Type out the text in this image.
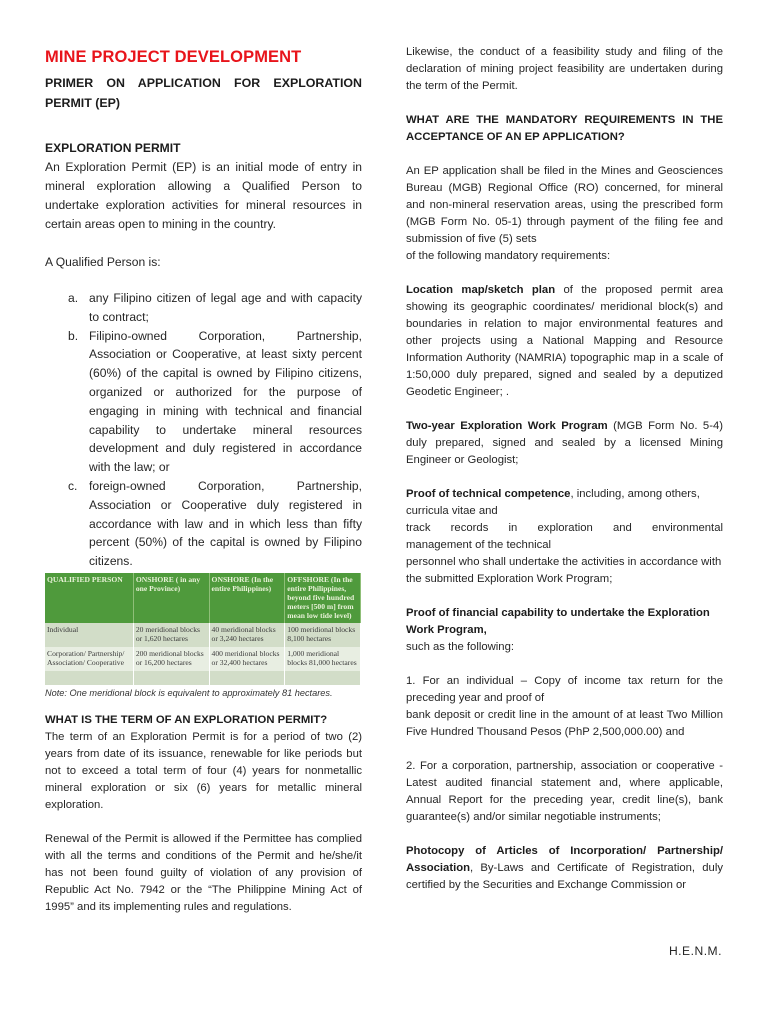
MINE PROJECT DEVELOPMENT
PRIMER ON APPLICATION FOR EXPLORATION
PERMIT (EP)
EXPLORATION PERMIT

An Exploration Permit (EP) is an initial mode of entry in mineral exploration allowing a Qualified Person to undertake exploration activities for mineral resources in certain areas open to mining in the country.

A Qualified Person is:

a. any Filipino citizen of legal age and with capacity to contract;
b. Filipino-owned Corporation, Partnership, Association or Cooperative, at least sixty percent (60%) of the capital is owned by Filipino citizens, organized or authorized for the purpose of engaging in mining with technical and financial capability to undertake mineral resources development and duly registered in accordance with the law; or
c. foreign-owned Corporation, Partnership, Association or Cooperative duly registered in accordance with law and in which less than fifty percent (50%) of the capital is owned by Filipino citizens.
QUALIFIED PERSON	ONSHORE ( in any one Province)	ONSHORE (In the entire Philippines)	OFFSHORE (In the entire Philippines, beyond five hundred meters [500 m] from mean low tide level)
Individual	20 meridional blocks or 1,620 hectares	40 meridional blocks or 3,240 hectares	100 meridional blocks 8,100 hectares
Corporation/ Partnership/ Association/ Cooperative	200 meridional blocks or 16,200 hectares	400 meridional blocks or 32,400 hectares	1,000 meridional blocks 81,000 hectares

Note: One meridional block is equivalent to approximately 81 hectares.
WHAT IS THE TERM OF AN EXPLORATION PERMIT?

The term of an Exploration Permit is for a period of two (2) years from date of its issuance, renewable for like periods but not to exceed a total term of four (4) years for nonmetallic mineral exploration or six (6) years for metallic mineral exploration.

Renewal of the Permit is allowed if the Permittee has complied with all the terms and conditions of the Permit and he/she/it has not been found guilty of violation of any provision of Republic Act No. 7942 or the “The Philippine Mining Act of 1995” and its implementing rules and regulations.

Likewise, the conduct of a feasibility study and filing of the declaration of mining project feasibility are undertaken during the term of the Permit.

WHAT ARE THE MANDATORY REQUIREMENTS IN THE ACCEPTANCE OF AN EP APPLICATION?

An EP application shall be filed in the Mines and Geosciences Bureau (MGB) Regional Office (RO) concerned, for mineral and non-mineral reservation areas, using the prescribed form (MGB Form No. 05-1) through payment of the filing fee and submission of five (5) sets
of the following mandatory requirements:

Location map/sketch plan of the proposed permit area showing its geographic coordinates/ meridional block(s) and boundaries in relation to major environmental features and other projects using a National Mapping and Resource Information Authority (NAMRIA) topographic map in a scale of 1:50,000 duly prepared, signed and sealed by a deputized Geodetic Engineer; .

Two-year Exploration Work Program (MGB Form No. 5-4) duly prepared, signed and sealed by a licensed Mining Engineer or Geologist;

Proof of technical competence, including, among others, curricula vitae and

track records in exploration and environmental
management of the technical
personnel who shall undertake the activities in accordance with the submitted Exploration Work Program;

Proof of financial capability to undertake the Exploration Work Program,
such as the following:

1. For an individual – Copy of income tax return for the preceding year and proof of
bank deposit or credit line in the amount of at least Two Million Five Hundred Thousand Pesos (PhP 2,500,000.00) and

2. For a corporation, partnership, association or cooperative - Latest audited financial statement and, where applicable, Annual Report for the preceding year, credit line(s), bank guarantee(s) and/or similar negotiable instruments;

Photocopy of Articles of Incorporation/ Partnership/ Association, By-Laws and Certificate of Registration, duly certified by the Securities and Exchange Commission or

H.E.N.M.
